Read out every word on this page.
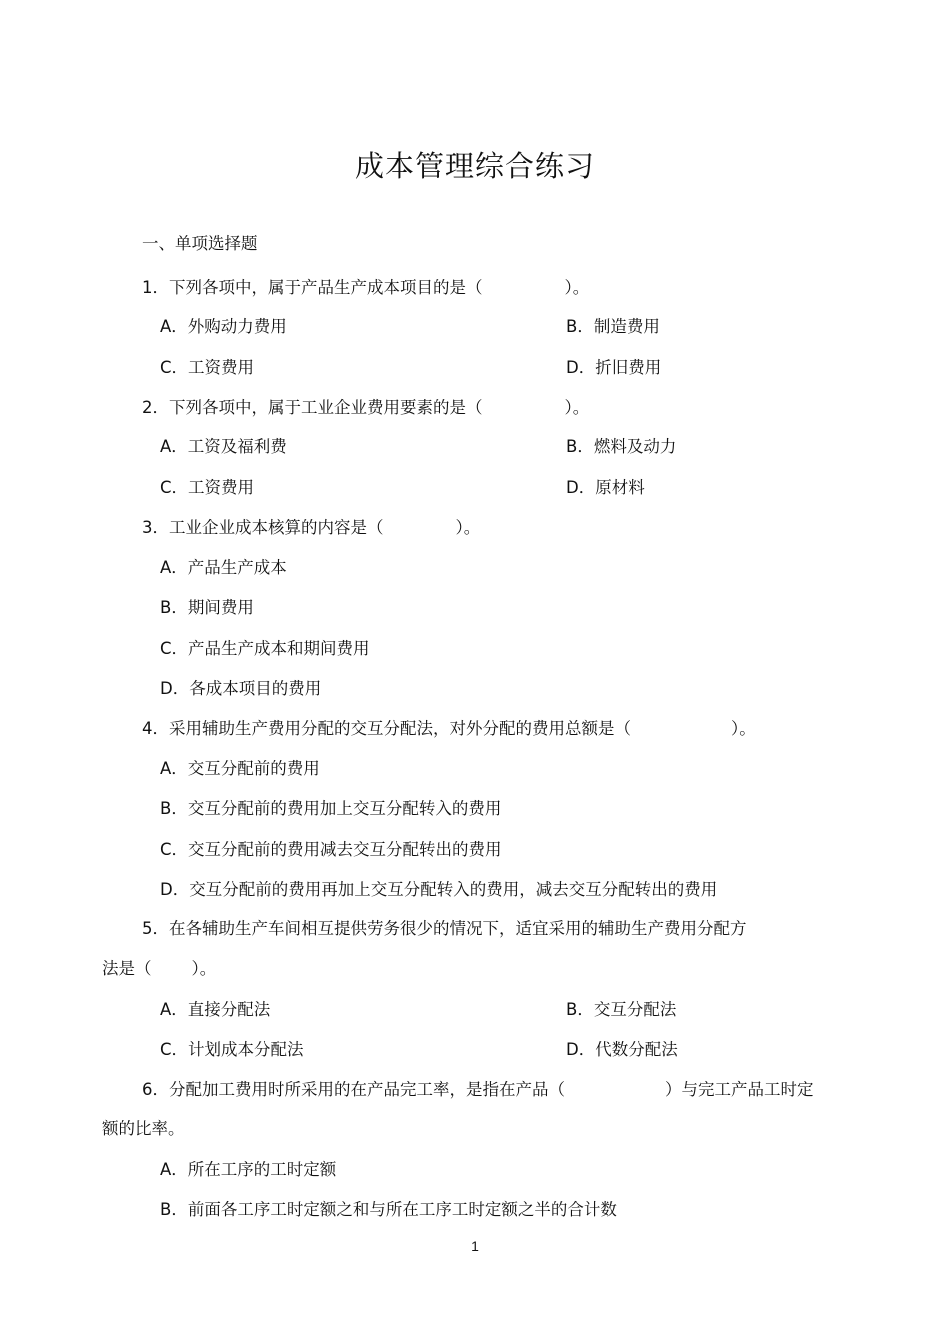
成本管理综合练习
一、单项选择题
1．下列各项中，属于产品生产成本项目的是（	）。
A．外购动力费用	B．制造费用
C．工资费用	D．折旧费用
2．下列各项中，属于工业企业费用要素的是（	）。
A．工资及福利费	B．燃料及动力
C．工资费用	D．原材料
3．工业企业成本核算的内容是（	）。
A．产品生产成本
B．期间费用
C．产品生产成本和期间费用
D．各成本项目的费用
4．采用辅助生产费用分配的交互分配法，对外分配的费用总额是（	）。
A．交互分配前的费用
B．交互分配前的费用加上交互分配转入的费用
C．交互分配前的费用减去交互分配转出的费用
D．交互分配前的费用再加上交互分配转入的费用，减去交互分配转出的费用
5．在各辅助生产车间相互提供劳务很少的情况下，适宜采用的辅助生产费用分配方
法是（ ）。
A．直接分配法	B．交互分配法
C．计划成本分配法	D．代数分配法
6．分配加工费用时所采用的在产品完工率，是指在产品（	）与完工产品工时定
额的比率。
A．所在工序的工时定额
B．前面各工序工时定额之和与所在工序工时定额之半的合计数
1
